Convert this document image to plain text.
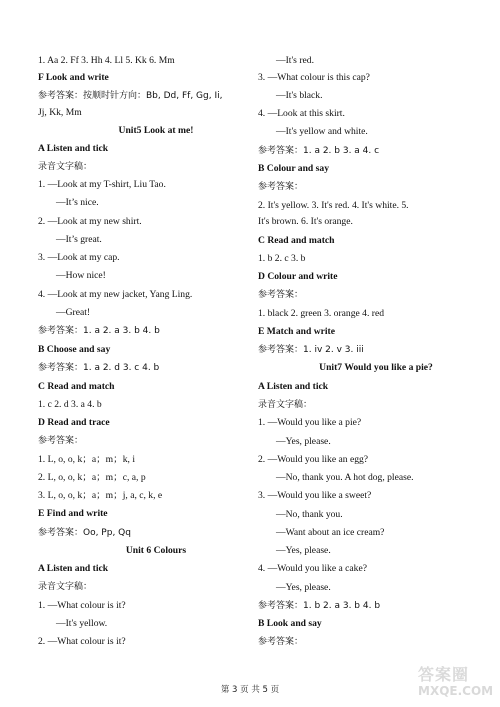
1. Aa 2. Ff 3. Hh 4. Ll 5. Kk 6. Mm
F Look and write
参考答案：按顺时针方向：Bb, Dd, Ff, Gg, Ii,
Jj, Kk, Mm
Unit5 Look at me!
A Listen and tick
录音文字稿：
1. —Look at my T-shirt, Liu Tao.
—It’s nice.
2. —Look at my new shirt.
—It’s great.
3. —Look at my cap.
—How nice!
4. —Look at my new jacket, Yang Ling.
—Great!
参考答案：1. a 2. a 3. b 4. b
B Choose and say
参考答案：1. a 2. d 3. c 4. b
C Read and match
1. c 2. d 3. a 4. b
D Read and trace
参考答案：
1. L, o, o, k；a；m；k, i
2. L, o, o, k；a；m；c, a, p
3. L, o, o, k；a；m；j, a, c, k, e
E Find and write
参考答案：Oo, Pp, Qq
Unit 6 Colours
A Listen and tick
录音文字稿：
1. —What colour is it?
—It's yellow.
2. —What colour is it?
—It's red.
3. —What colour is this cap?
—It's black.
4. —Look at this skirt.
—It's yellow and white.
参考答案：1. a 2. b 3. a 4. c
B Colour and say
参考答案：
2. It's yellow. 3. It's red. 4. It's white. 5.
It's brown. 6. It's orange.
C Read and match
1. b 2. c 3. b
D Colour and write
参考答案：
1. black 2. green 3. orange 4. red
E Match and write
参考答案：1. iv 2. v 3. iii
Unit7 Would you like a pie?
A Listen and tick
录音文字稿：
1. —Would you like a pie?
—Yes, please.
2. —Would you like an egg?
—No, thank you. A hot dog, please.
3. —Would you like a sweet?
—No, thank you.
—Want about an ice cream?
—Yes, please.
4. —Would you like a cake?
—Yes, please.
参考答案：1. b 2. a 3. b 4. b
B Look and say
参考答案：
第 3 页 共 5 页
答案圈
MXQE.COM
